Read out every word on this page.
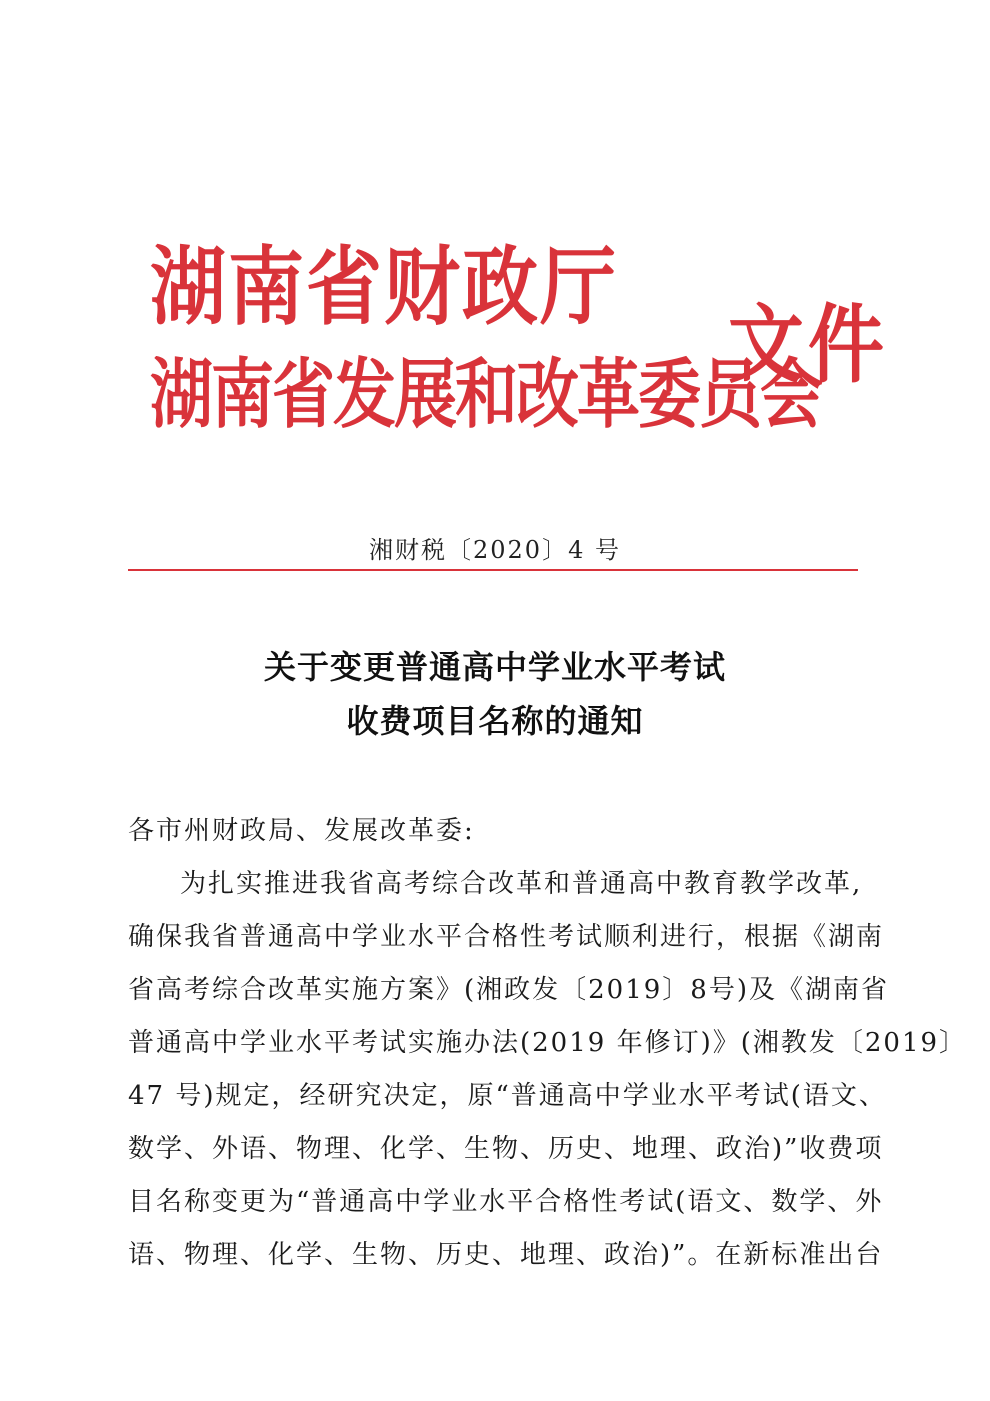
湖南省财政厅
湖南省发展和改革委员会
文件
湘财税〔2020〕4 号
关于变更普通高中学业水平考试
收费项目名称的通知
各市州财政局、发展改革委:
为扎实推进我省高考综合改革和普通高中教育教学改革,
确保我省普通高中学业水平合格性考试顺利进行，根据《湖南
省高考综合改革实施方案》(湘政发〔2019〕8号)及《湖南省
普通高中学业水平考试实施办法(2019 年修订)》(湘教发〔2019〕
47 号)规定，经研究决定，原“普通高中学业水平考试(语文、
数学、外语、物理、化学、生物、历史、地理、政治)”收费项
目名称变更为“普通高中学业水平合格性考试(语文、数学、外
语、物理、化学、生物、历史、地理、政治)”。在新标准出台
